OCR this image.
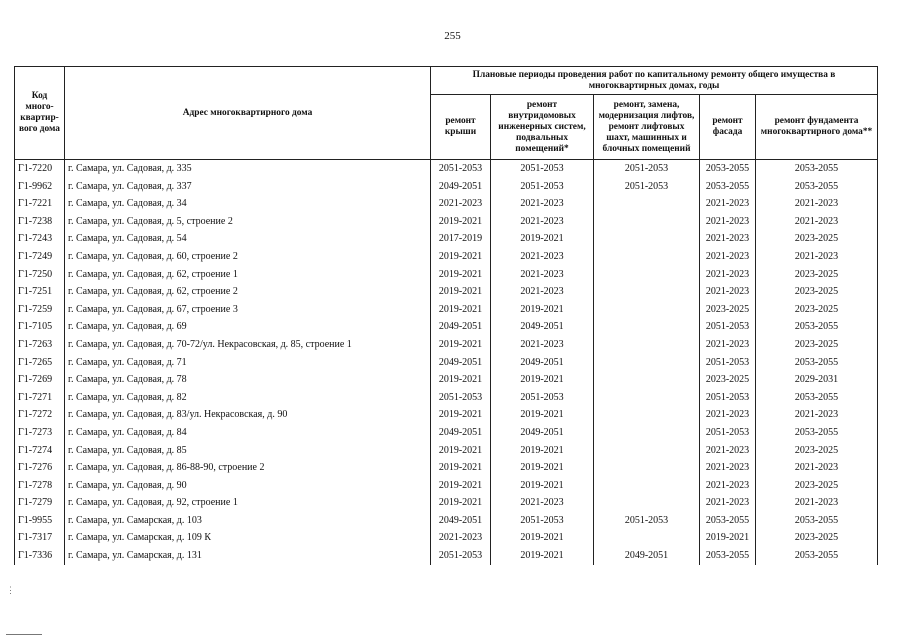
255
Код много-квартир-вого дома	Адрес многоквартирного дома	Плановые периоды проведения работ по капитальному ремонту общего имущества в многоквартирных домах, годы				
		ремонт крыши	ремонт внутридомовых инженерных систем, подвальных помещений*	ремонт, замена, модернизация лифтов, ремонт лифтовых шахт, машинных и блочных помещений	ремонт фасада	ремонт фундамента многоквартирного дома**
Г1-7220	г. Самара, ул. Садовая, д. 335	2051-2053	2051-2053	2051-2053	2053-2055	2053-2055
Г1-9962	г. Самара, ул. Садовая, д. 337	2049-2051	2051-2053	2051-2053	2053-2055	2053-2055
Г1-7221	г. Самара, ул. Садовая, д. 34	2021-2023	2021-2023		2021-2023	2021-2023
Г1-7238	г. Самара, ул. Садовая, д. 5, строение 2	2019-2021	2021-2023		2021-2023	2021-2023
Г1-7243	г. Самара, ул. Садовая, д. 54	2017-2019	2019-2021		2021-2023	2023-2025
Г1-7249	г. Самара, ул. Садовая, д. 60, строение 2	2019-2021	2021-2023		2021-2023	2021-2023
Г1-7250	г. Самара, ул. Садовая, д. 62, строение 1	2019-2021	2021-2023		2021-2023	2023-2025
Г1-7251	г. Самара, ул. Садовая, д. 62, строение 2	2019-2021	2021-2023		2021-2023	2023-2025
Г1-7259	г. Самара, ул. Садовая, д. 67, строение 3	2019-2021	2019-2021		2023-2025	2023-2025
Г1-7105	г. Самара, ул. Садовая, д. 69	2049-2051	2049-2051		2051-2053	2053-2055
Г1-7263	г. Самара, ул. Садовая, д. 70-72/ул. Некрасовская, д. 85, строение 1	2019-2021	2021-2023		2021-2023	2023-2025
Г1-7265	г. Самара, ул. Садовая, д. 71	2049-2051	2049-2051		2051-2053	2053-2055
Г1-7269	г. Самара, ул. Садовая, д. 78	2019-2021	2019-2021		2023-2025	2029-2031
Г1-7271	г. Самара, ул. Садовая, д. 82	2051-2053	2051-2053		2051-2053	2053-2055
Г1-7272	г. Самара, ул. Садовая, д. 83/ул. Некрасовская, д. 90	2019-2021	2019-2021		2021-2023	2021-2023
Г1-7273	г. Самара, ул. Садовая, д. 84	2049-2051	2049-2051		2051-2053	2053-2055
Г1-7274	г. Самара, ул. Садовая, д. 85	2019-2021	2019-2021		2021-2023	2023-2025
Г1-7276	г. Самара, ул. Садовая, д. 86-88-90, строение 2	2019-2021	2019-2021		2021-2023	2021-2023
Г1-7278	г. Самара, ул. Садовая, д. 90	2019-2021	2019-2021		2021-2023	2023-2025
Г1-7279	г. Самара, ул. Садовая, д. 92, строение 1	2019-2021	2021-2023		2021-2023	2021-2023
Г1-9955	г. Самара, ул. Самарская, д. 103	2049-2051	2051-2053	2051-2053	2053-2055	2053-2055
Г1-7317	г. Самара, ул. Самарская, д. 109 К	2021-2023	2019-2021		2019-2021	2023-2025
Г1-7336	г. Самара, ул. Самарская, д. 131	2051-2053	2019-2021	2049-2051	2053-2055	2053-2055
⋮
